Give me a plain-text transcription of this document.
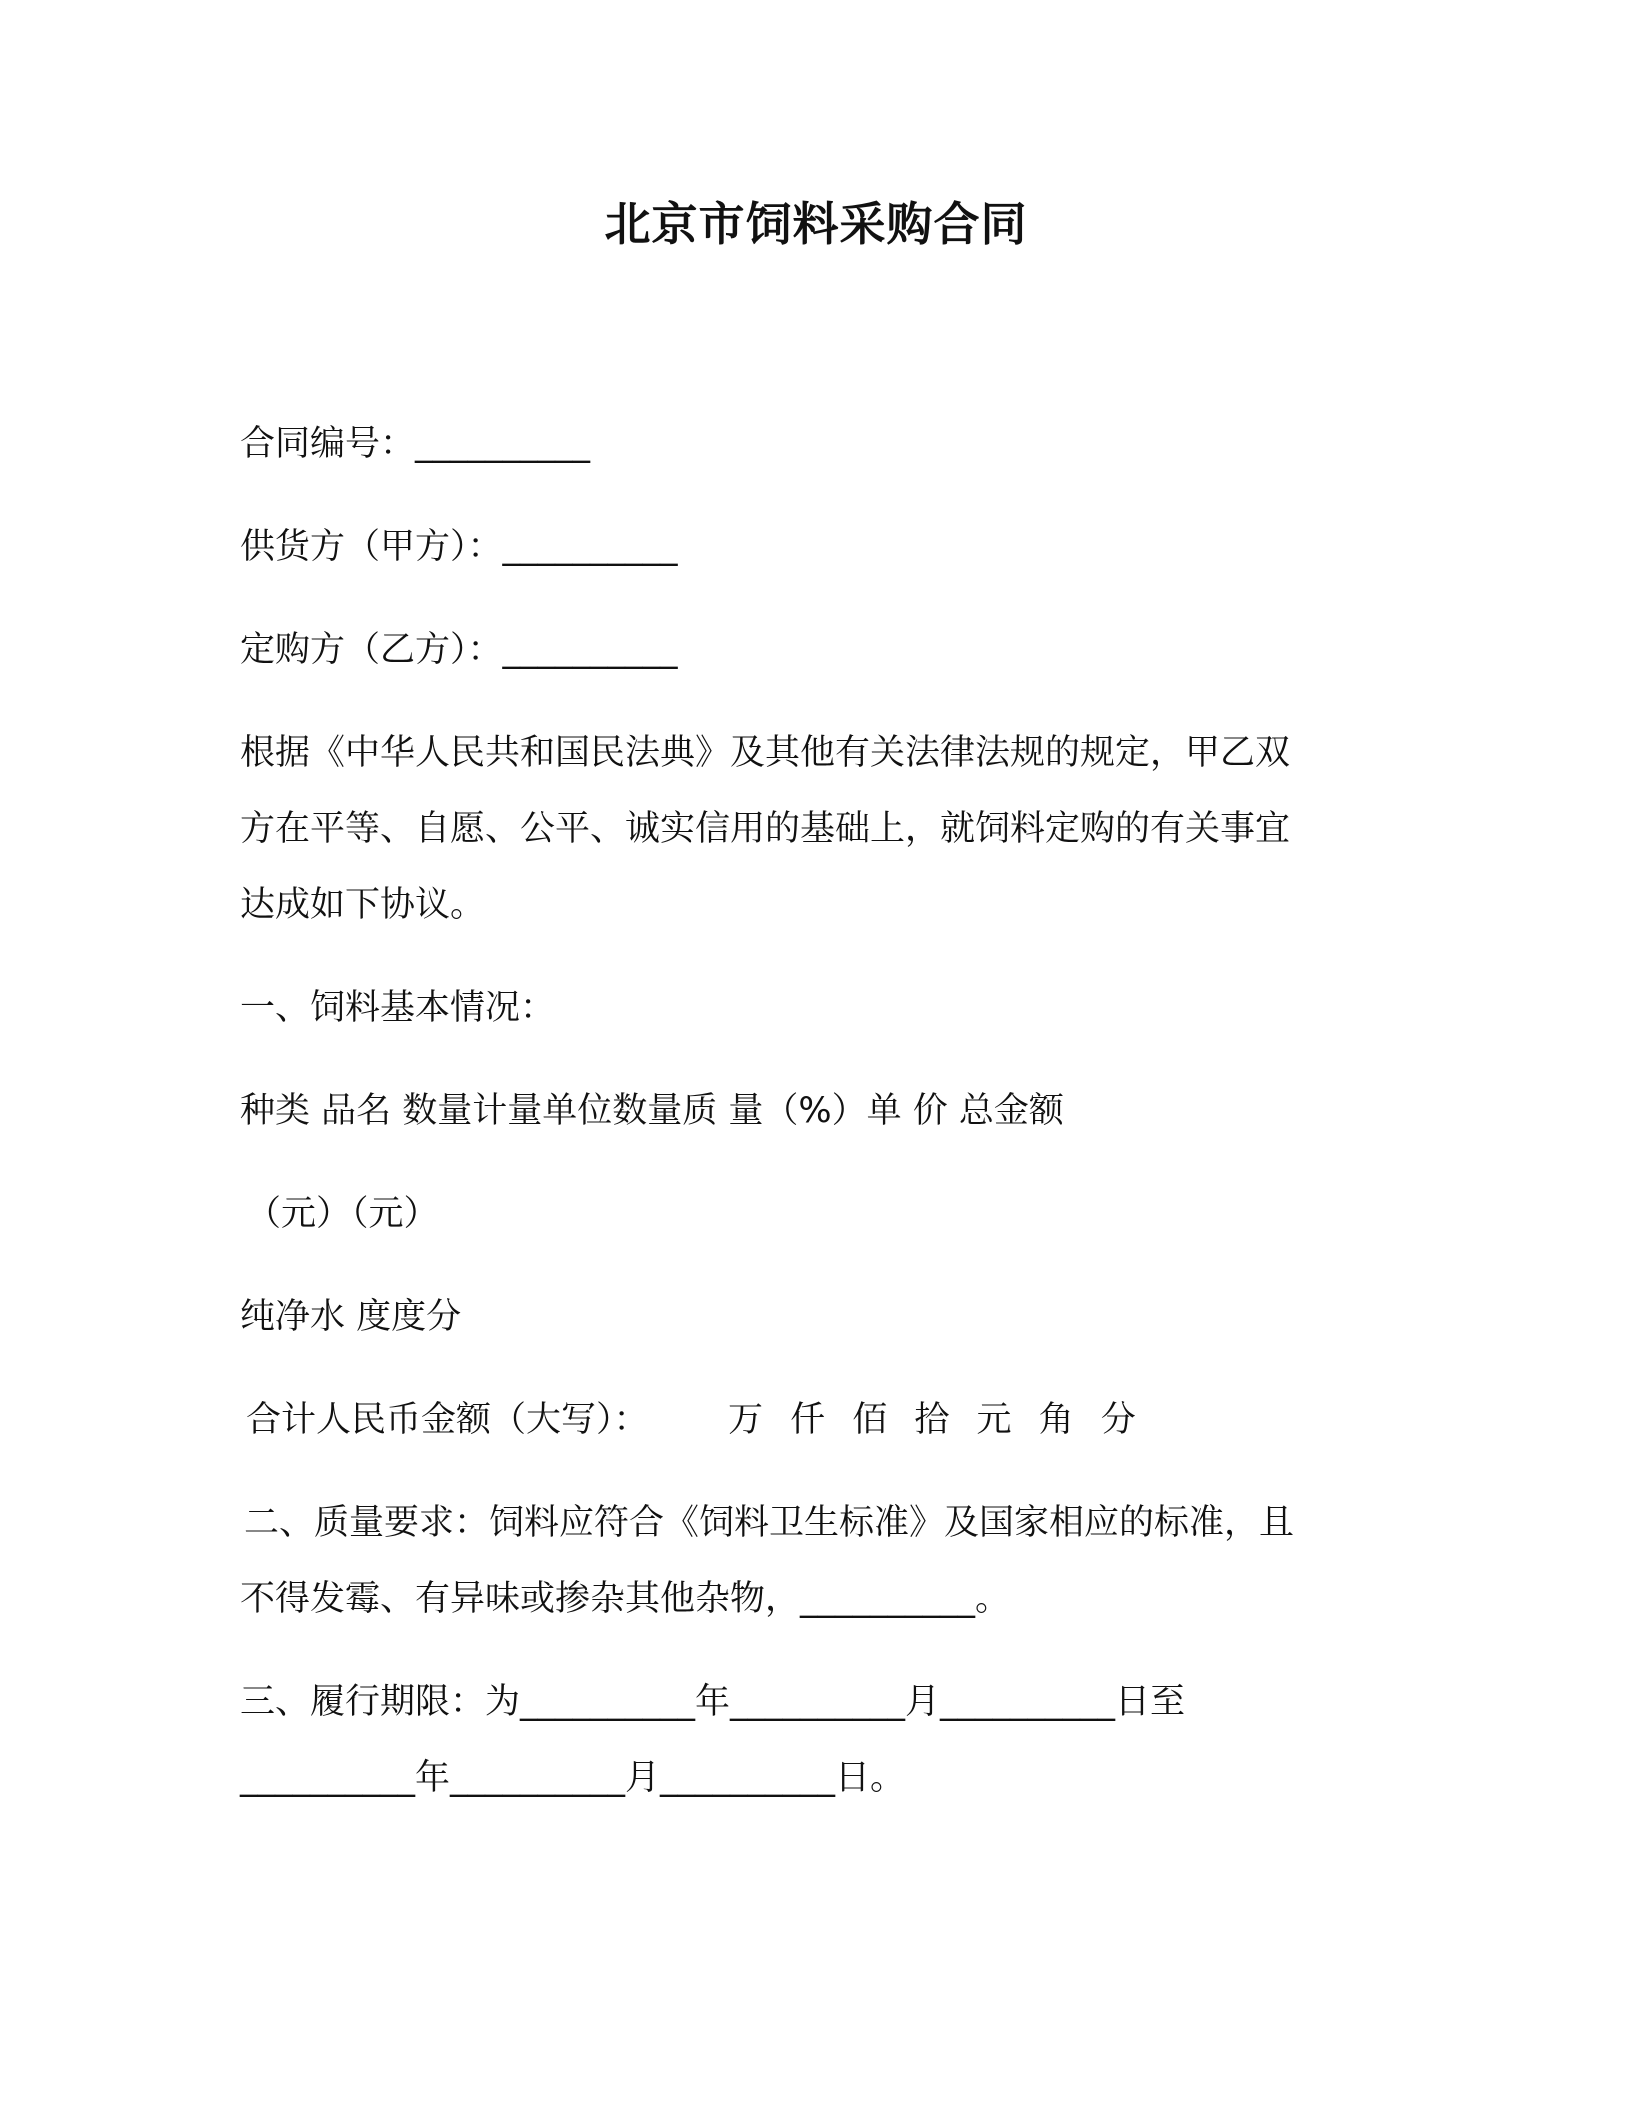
北京市饲料采购合同
合同编号：__________
供货方（甲方）：__________
定购方（乙方）：__________
根据《中华人民共和国民法典》及其他有关法律法规的规定，甲乙双
方在平等、自愿、公平、诚实信用的基础上，就饲料定购的有关事宜
达成如下协议。
一、饲料基本情况：
种类 品名 数量计量单位数量质 量（%）单 价 总金额
（元）（元）
纯净水 度度分
合计人民币金额（大写）： 万 仟 佰 拾 元 角 分
二、质量要求：饲料应符合《饲料卫生标准》及国家相应的标准，且
不得发霉、有异味或掺杂其他杂物，__________。
三、履行期限：为__________年__________月__________日至
__________年__________月__________日。
